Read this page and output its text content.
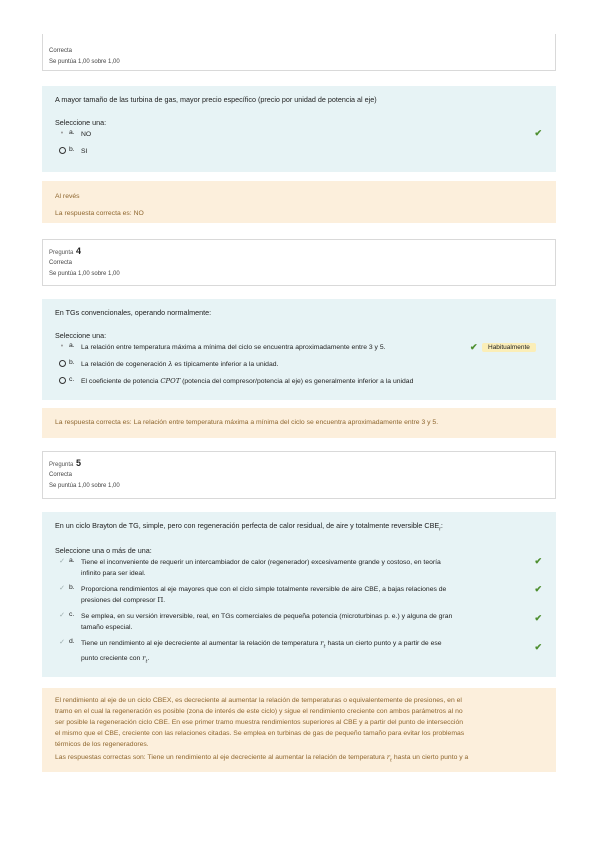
Correcta
Se puntúa 1,00 sobre 1,00
A mayor tamaño de las turbina de gas, mayor precio específico (precio por unidad de potencia al eje)
Seleccione una:
• a. NO
b. SI
✔
Al revés
La respuesta correcta es: NO
Pregunta 4
Correcta
Se puntúa 1,00 sobre 1,00
En TGs convencionales, operando normalmente:
Seleccione una:
• a. La relación entre temperatura máxima a mínima del ciclo se encuentra aproximadamente entre 3 y 5.
b. La relación de cogeneración λ es típicamente inferior a la unidad.
c. El coeficiente de potencia CPOT (potencia del compresor/potencia al eje) es generalmente inferior a la unidad
✔	Habitualmente
La respuesta correcta es: La relación entre temperatura máxima a mínima del ciclo se encuentra aproximadamente entre 3 y 5.
Pregunta 5
Correcta
Se puntúa 1,00 sobre 1,00
En un ciclo Brayton de TG, simple, pero con regeneración perfecta de calor residual, de aire y totalmente reversible $CBE_r$:
Seleccione una o más de una:
✓ a. Tiene el inconveniente de requerir un intercambiador de calor (regenerador) excesivamente grande y costoso, en teoría
infinito para ser ideal.
✓ b. Proporciona rendimientos al eje mayores que con el ciclo simple totalmente reversible de aire CBE, a bajas relaciones de
presiones del compresor Π.
✓ c. Se emplea, en su versión irreversible, real, en TGs comerciales de pequeña potencia (microturbinas p. e.) y alguna de gran
tamaño especial.
✓ d. Tiene un rendimiento al eje decreciente al aumentar la relación de temperatura $r_t$ hasta un cierto punto y a partir de ese
punto creciente con $r_t$.
✔
✔
✔
✔
El rendimiento al eje de un ciclo CBEX, es decreciente al aumentar la relación de temperaturas o equivalentemente de presiones, en el
tramo en el cual la regeneración es posible (zona de interés de este ciclo) y sigue el rendimiento creciente con ambos parámetros al no
ser posible la regeneración ciclo CBE. En ese primer tramo muestra rendimientos superiores al CBE y a partir del punto de intersección
el mismo que el CBE, creciente con las relaciones citadas. Se emplea en turbinas de gas de pequeño tamaño para evitar los problemas
térmicos de los regeneradores.
Las respuestas correctas son: Tiene un rendimiento al eje decreciente al aumentar la relación de temperatura $r_t$ hasta un cierto punto y a
